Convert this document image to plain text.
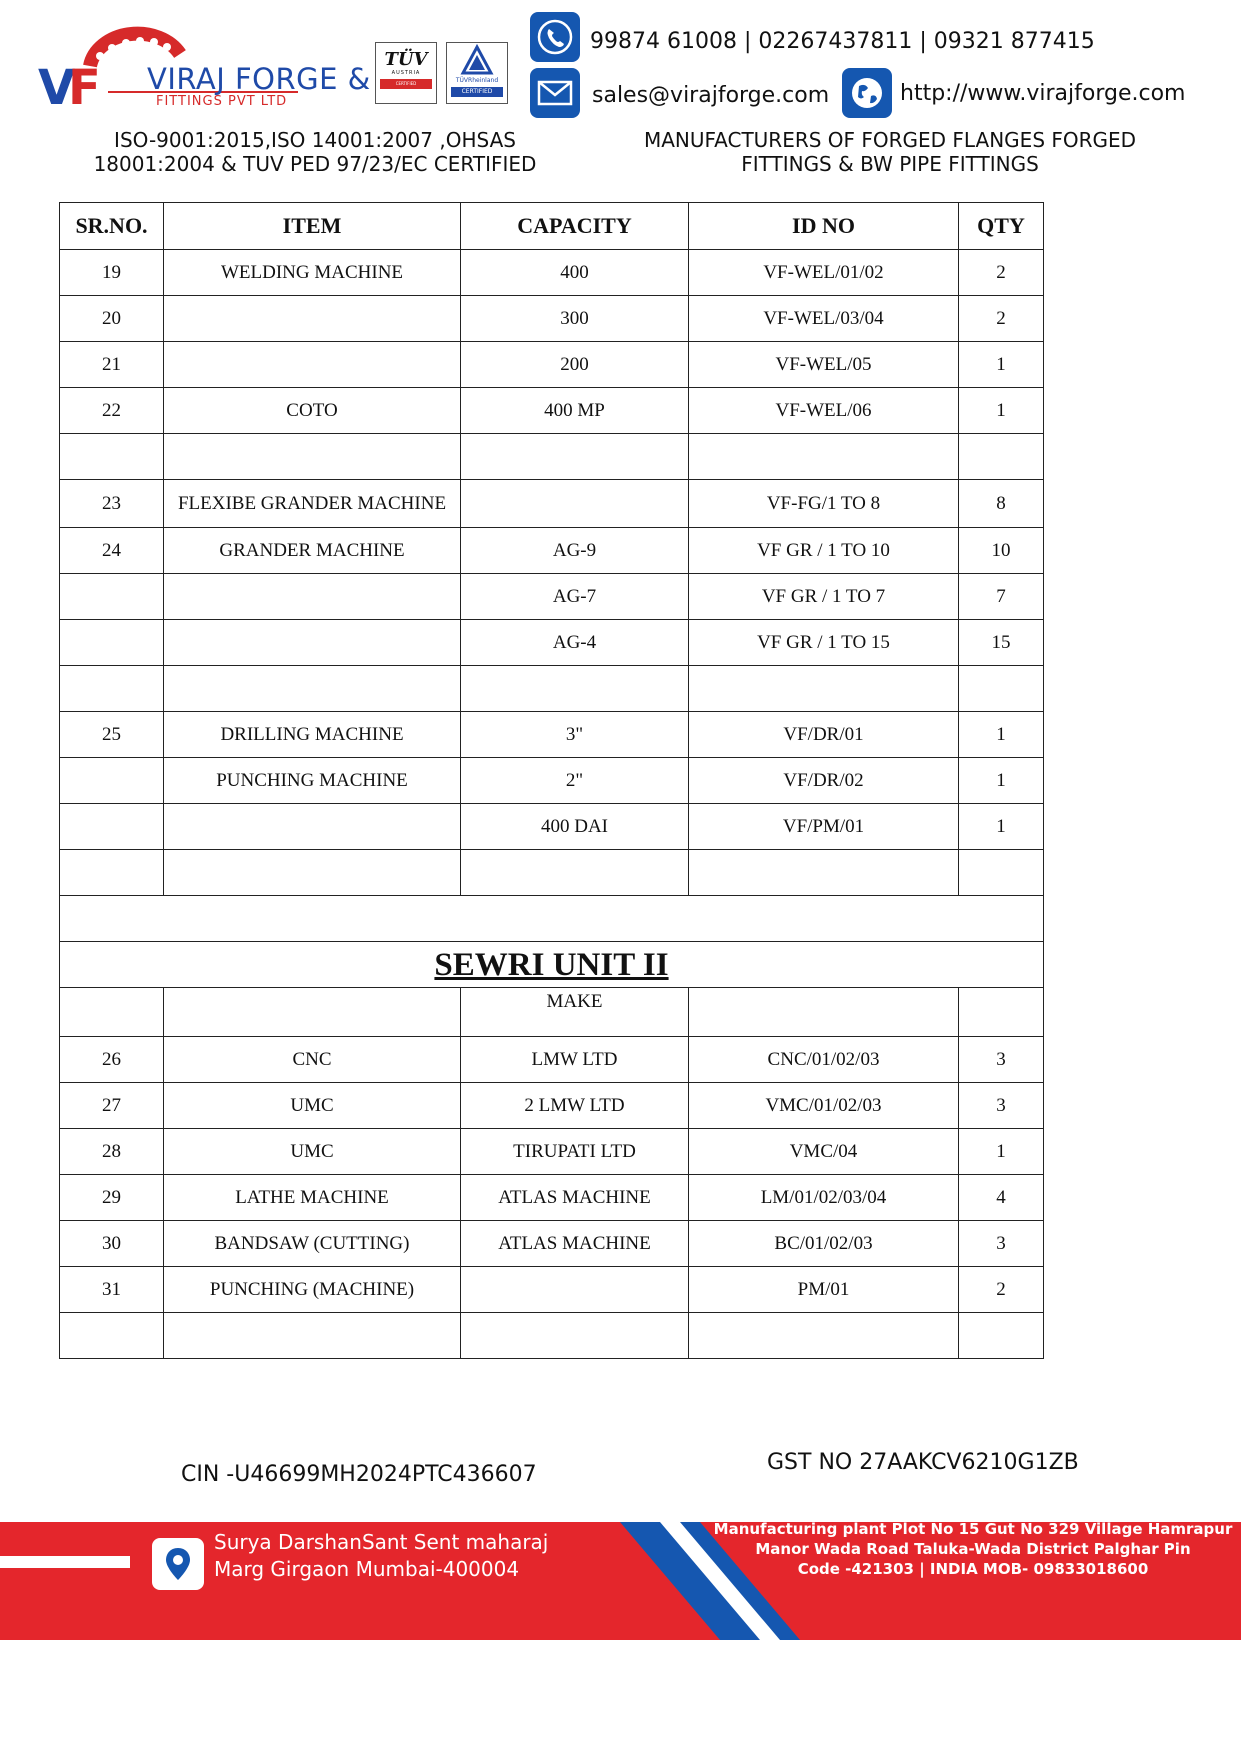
V
F VIRAJ FORGE &
FITTINGS PVT LTD
TÜV
AUSTRIA
CERTIFIED	TÜVRheinland
CERTIFIED
99874 61008 | 02267437811 | 09321 877415
sales@virajforge.com	http://www.virajforge.com
ISO-9001:2015,ISO 14001:2007 ,OHSAS
18001:2004 & TUV PED 97/23/EC CERTIFIED
MANUFACTURERS OF FORGED FLANGES FORGED
FITTINGS & BW PIPE FITTINGS
SR.NO.	ITEM	CAPACITY	ID NO	QTY
19	WELDING MACHINE	400	VF-WEL/01/02	2
20		300	VF-WEL/03/04	2
21		200	VF-WEL/05	1
22	COTO	400 MP	VF-WEL/06	1

23	FLEXIBE GRANDER MACHINE		VF-FG/1 TO 8	8
24	GRANDER MACHINE	AG-9	VF GR / 1 TO 10	10
		AG-7	VF GR / 1 TO 7	7
		AG-4	VF GR / 1 TO 15	15

25	DRILLING MACHINE	3"	VF/DR/01	1
	PUNCHING MACHINE	2"	VF/DR/02	1
		400 DAI	VF/PM/01	1

SEWRI UNIT II				
		MAKE		
26	CNC	LMW LTD	CNC/01/02/03	3
27	UMC	2 LMW LTD	VMC/01/02/03	3
28	UMC	TIRUPATI LTD	VMC/04	1
29	LATHE MACHINE	ATLAS MACHINE	LM/01/02/03/04	4
30	BANDSAW (CUTTING)	ATLAS MACHINE	BC/01/02/03	3
31	PUNCHING (MACHINE)		PM/01	2

CIN -U46699MH2024PTC436607	GST NO 27AAKCV6210G1ZB
Surya DarshanSant Sent maharaj
Marg Girgaon Mumbai-400004
Manufacturing plant Plot No 15 Gut No 329 Village Hamrapur
Manor Wada Road Taluka-Wada District Palghar Pin
Code -421303 | INDIA MOB- 09833018600
